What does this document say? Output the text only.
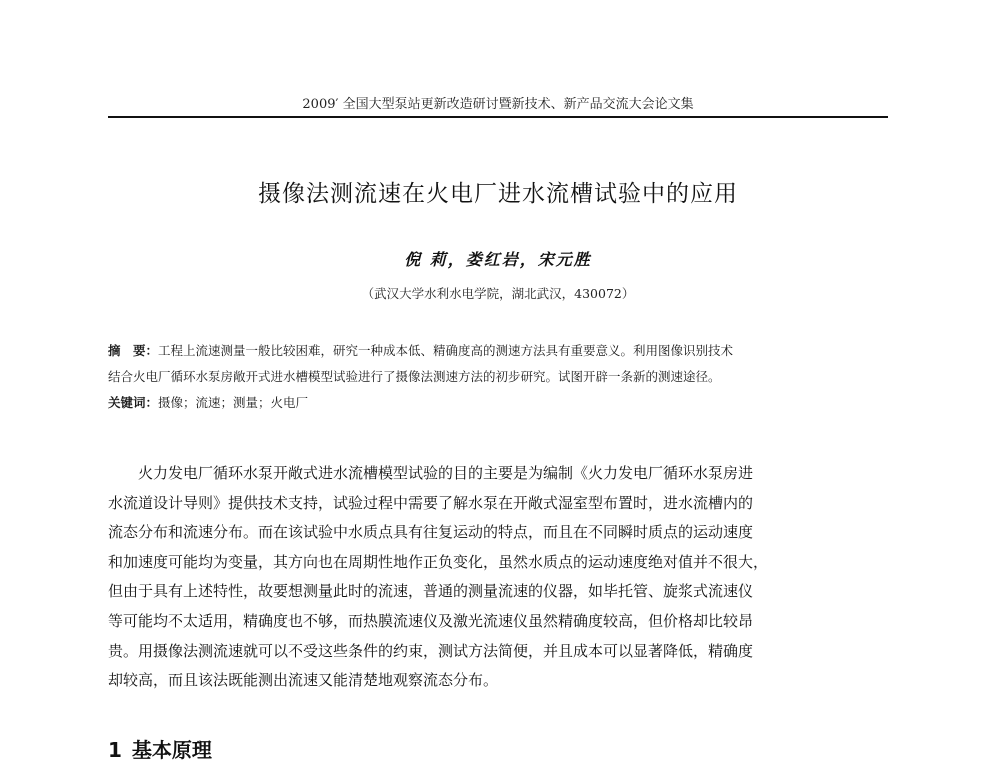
2009′ 全国大型泵站更新改造研讨暨新技术、新产品交流大会论文集
摄像法测流速在火电厂进水流槽试验中的应用
倪 莉，娄红岩，宋元胜
（武汉大学水利水电学院，湖北武汉，430072）
摘　要：工程上流速测量一般比较困难，研究一种成本低、精确度高的测速方法具有重要意义。利用图像识别技术
结合火电厂循环水泵房敞开式进水槽模型试验进行了摄像法测速方法的初步研究。试图开辟一条新的测速途径。
关键词：摄像；流速；测量；火电厂
火力发电厂循环水泵开敞式进水流槽模型试验的目的主要是为编制《火力发电厂循环水泵房进
水流道设计导则》提供技术支持，试验过程中需要了解水泵在开敞式湿室型布置时，进水流槽内的
流态分布和流速分布。而在该试验中水质点具有往复运动的特点，而且在不同瞬时质点的运动速度
和加速度可能均为变量，其方向也在周期性地作正负变化，虽然水质点的运动速度绝对值并不很大，
但由于具有上述特性，故要想测量此时的流速，普通的测量流速的仪器，如毕托管、旋浆式流速仪
等可能均不太适用，精确度也不够，而热膜流速仪及激光流速仪虽然精确度较高，但价格却比较昂
贵。用摄像法测流速就可以不受这些条件的约束，测试方法简便，并且成本可以显著降低，精确度
却较高，而且该法既能测出流速又能清楚地观察流态分布。
1 基本原理
